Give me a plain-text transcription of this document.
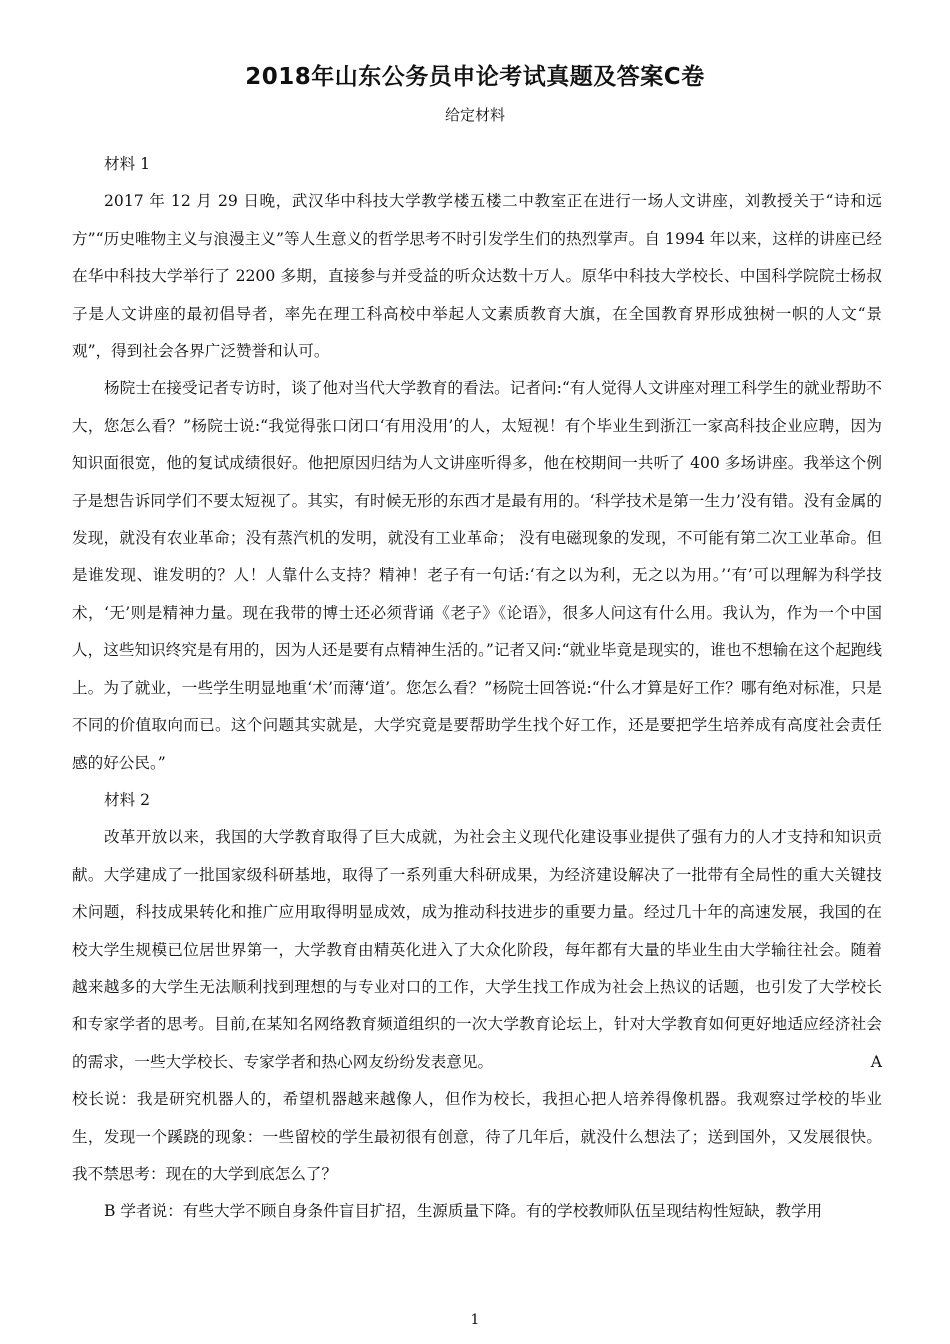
2018年山东公务员申论考试真题及答案C卷
给定材料

材料 1

2017 年 12 月 29 日晚，武汉华中科技大学教学楼五楼二中教室正在进行一场人文讲座，刘教授关于“诗和远方”“历史唯物主义与浪漫主义”等人生意义的哲学思考不时引发学生们的热烈掌声。自 1994 年以来，这样的讲座已经在华中科技大学举行了 2200 多期，直接参与并受益的听众达数十万人。原华中科技大学校长、中国科学院院士杨叔子是人文讲座的最初倡导者，率先在理工科高校中举起人文素质教育大旗，在全国教育界形成独树一帜的人文“景观”，得到社会各界广泛赞誉和认可。

杨院士在接受记者专访时，谈了他对当代大学教育的看法。记者问:“有人觉得人文讲座对理工科学生的就业帮助不大，您怎么看？”杨院士说:“我觉得张口闭口‘有用没用’的人，太短视！有个毕业生到浙江一家高科技企业应聘，因为知识面很宽，他的复试成绩很好。他把原因归结为人文讲座听得多，他在校期间一共听了 400 多场讲座。我举这个例子是想告诉同学们不要太短视了。其实，有时候无形的东西才是最有用的。‘科学技术是第一生力’没有错。没有金属的发现，就没有农业革命；没有蒸汽机的发明，就没有工业革命； 没有电磁现象的发现，不可能有第二次工业革命。但是谁发现、谁发明的？人！人靠什么支持？精神！老子有一句话:‘有之以为利，无之以为用。’‘有’可以理解为科学技术，‘无’则是精神力量。现在我带的博士还必须背诵《老子》《论语》，很多人问这有什么用。我认为，作为一个中国人，这些知识终究是有用的，因为人还是要有点精神生活的。”记者又问:“就业毕竟是现实的，谁也不想输在这个起跑线上。为了就业，一些学生明显地重‘术’而薄‘道’。您怎么看？”杨院士回答说:“什么才算是好工作？哪有绝对标准，只是不同的价值取向而已。这个问题其实就是，大学究竟是要帮助学生找个好工作，还是要把学生培养成有高度社会责任感的好公民。”

材料 2

改革开放以来，我国的大学教育取得了巨大成就，为社会主义现代化建设事业提供了强有力的人才支持和知识贡献。大学建成了一批国家级科研基地，取得了一系列重大科研成果，为经济建设解决了一批带有全局性的重大关键技术问题，科技成果转化和推广应用取得明显成效，成为推动科技进步的重要力量。经过几十年的高速发展，我国的在校大学生规模已位居世界第一，大学教育由精英化进入了大众化阶段，每年都有大量的毕业生由大学输往社会。随着越来越多的大学生无法顺利找到理想的与专业对口的工作，大学生找工作成为社会上热议的话题，也引发了大学校长和专家学者的思考。目前,在某知名网络教育频道组织的一次大学教育论坛上，针对大学教育如何更好地适应经济社会的需求，一些大学校长、专家学者和热心网友纷纷发表意见。	A

校长说：我是研究机器人的，希望机器越来越像人，但作为校长，我担心把人培养得像机器。我观察过学校的毕业生，发现一个蹊跷的现象：一些留校的学生最初很有创意，待了几年后，就没什么想法了；送到国外，又发展很快。我不禁思考：现在的大学到底怎么了？

B 学者说：有些大学不顾自身条件盲目扩招，生源质量下降。有的学校教师队伍呈现结构性短缺，教学用

1
